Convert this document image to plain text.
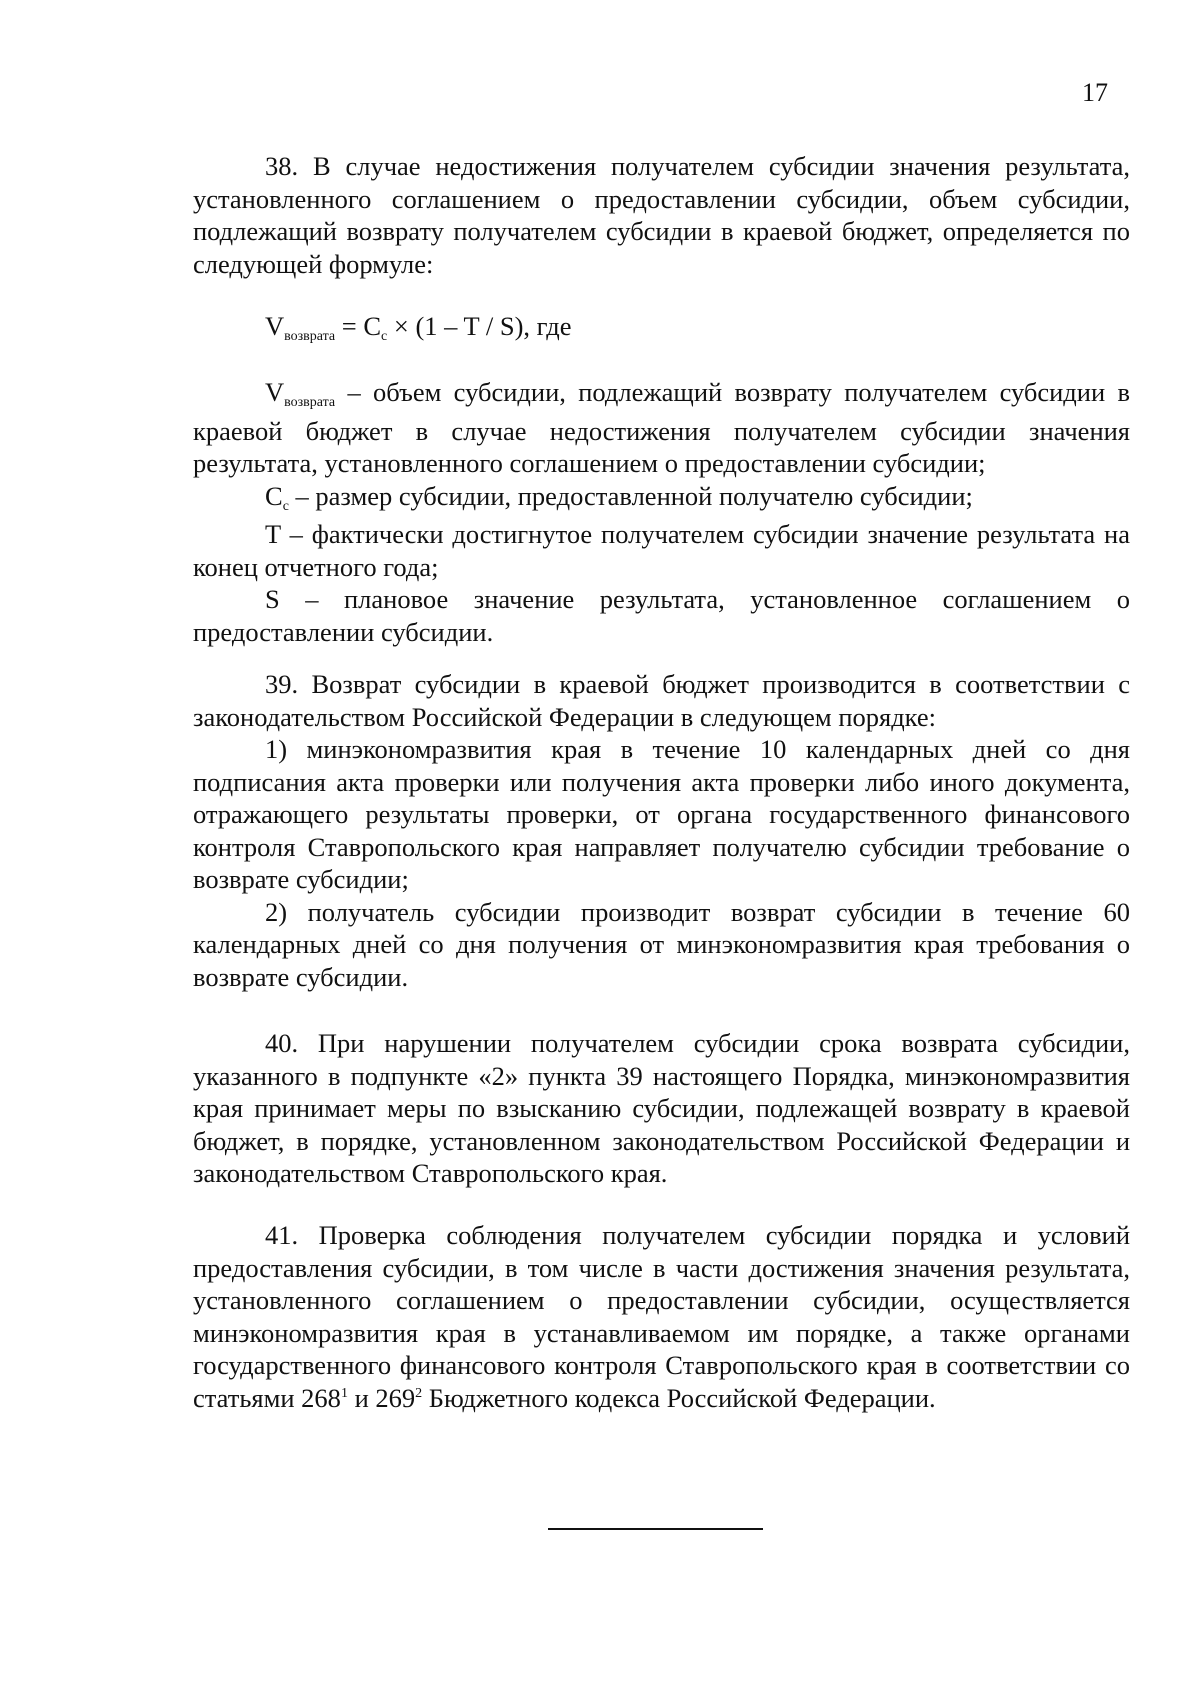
17

38. В случае недостижения получателем субсидии значения результата, установленного соглашением о предоставлении субсидии, объем субсидии, подлежащий возврату получателем субсидии в краевой бюджет, определяется по следующей формуле:

Vвозврата = Cc × (1 – T / S), где

Vвозврата – объем субсидии, подлежащий возврату получателем субсидии в краевой бюджет в случае недостижения получателем субсидии значения результата, установленного соглашением о предоставлении субсидии;

Cc – размер субсидии, предоставленной получателю субсидии;

T – фактически достигнутое получателем субсидии значение результата на конец отчетного года;

S – плановое значение результата, установленное соглашением о предоставлении субсидии.

39. Возврат субсидии в краевой бюджет производится в соответствии с законодательством Российской Федерации в следующем порядке:

1) минэкономразвития края в течение 10 календарных дней со дня подписания акта проверки или получения акта проверки либо иного документа, отражающего результаты проверки, от органа государственного финансового контроля Ставропольского края направляет получателю субсидии требование о возврате субсидии;

2) получатель субсидии производит возврат субсидии в течение 60 календарных дней со дня получения от минэкономразвития края требования о возврате субсидии.

40. При нарушении получателем субсидии срока возврата субсидии, указанного в подпункте «2» пункта 39 настоящего Порядка, минэкономразвития края принимает меры по взысканию субсидии, подлежащей возврату в краевой бюджет, в порядке, установленном законодательством Российской Федерации и законодательством Ставропольского края.

41. Проверка соблюдения получателем субсидии порядка и условий предоставления субсидии, в том числе в части достижения значения результата, установленного соглашением о предоставлении субсидии, осуществляется минэкономразвития края в устанавливаемом им порядке, а также органами государственного финансового контроля Ставропольского края в соответствии со статьями $268^1$ и $269^2$ Бюджетного кодекса Российской Федерации.
